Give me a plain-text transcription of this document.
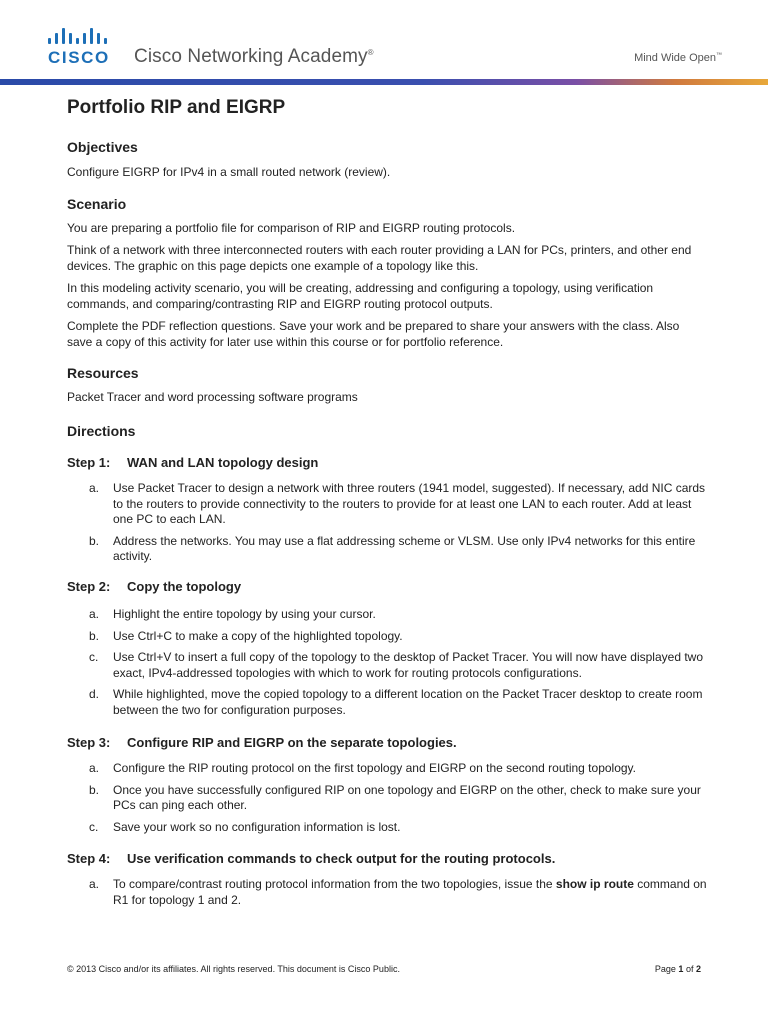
CISCO Cisco Networking Academy®	Mind Wide Open™
Portfolio RIP and EIGRP
Objectives

Configure EIGRP for IPv4 in a small routed network (review).

Scenario

You are preparing a portfolio file for comparison of RIP and EIGRP routing protocols.

Think of a network with three interconnected routers with each router providing a LAN for PCs, printers, and other end devices. The graphic on this page depicts one example of a topology like this.

In this modeling activity scenario, you will be creating, addressing and configuring a topology, using verification commands, and comparing/contrasting RIP and EIGRP routing protocol outputs.

Complete the PDF reflection questions. Save your work and be prepared to share your answers with the class. Also save a copy of this activity for later use within this course or for portfolio reference.

Resources

Packet Tracer and word processing software programs

Directions

Step 1: WAN and LAN topology design

a. Use Packet Tracer to design a network with three routers (1941 model, suggested). If necessary, add NIC cards to the routers to provide connectivity to the routers to provide for at least one LAN to each router. Add at least one PC to each LAN.
b. Address the networks. You may use a flat addressing scheme or VLSM. Use only IPv4 networks for this entire activity.

Step 2: Copy the topology

a. Highlight the entire topology by using your cursor.
b. Use Ctrl+C to make a copy of the highlighted topology.
c. Use Ctrl+V to insert a full copy of the topology to the desktop of Packet Tracer. You will now have displayed two exact, IPv4-addressed topologies with which to work for routing protocols configurations.
d. While highlighted, move the copied topology to a different location on the Packet Tracer desktop to create room between the two for configuration purposes.

Step 3: Configure RIP and EIGRP on the separate topologies.

a. Configure the RIP routing protocol on the first topology and EIGRP on the second routing topology.
b. Once you have successfully configured RIP on one topology and EIGRP on the other, check to make sure your PCs can ping each other.
c. Save your work so no configuration information is lost.

Step 4: Use verification commands to check output for the routing protocols.

a. To compare/contrast routing protocol information from the two topologies, issue the show ip route command on R1 for topology 1 and 2.
© 2013 Cisco and/or its affiliates. All rights reserved. This document is Cisco Public.	Page 1 of 2
